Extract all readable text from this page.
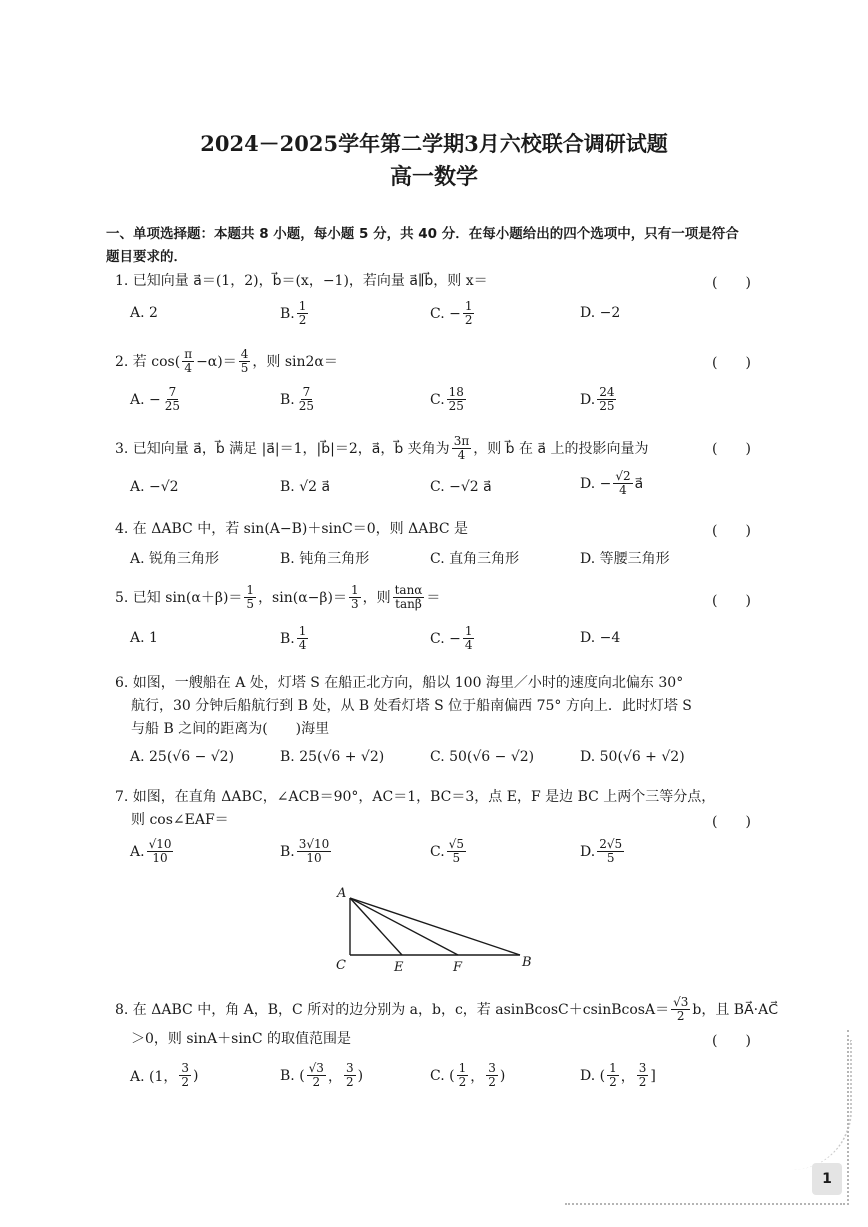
2024－2025学年第二学期3月六校联合调研试题
高一数学
一、单项选择题：本题共 8 小题，每小题 5 分，共 40 分．在每小题给出的四个选项中，只有一项是符合
题目要求的．
1. 已知向量 a⃗＝(1，2)，b⃗＝(x，−1)，若向量 a⃗∥b⃗，则 x＝	(　　)
A. 2	B. $\frac{1}{2}$	C. − $\frac{1}{2}$	D. −2
2. 若 $\cos( \frac{\pi}{4} -\alpha)= \frac{4}{5}$ ，则 sin2α＝	(　　)
A. − $\frac{7}{25}$	B. $\frac{7}{25}$	C. $\frac{18}{25}$	D. $\frac{24}{25}$
3. 已知向量 a⃗，b⃗ 满足 |a⃗|＝1，|b⃗|＝2，a⃗，b⃗ 夹角为 $\frac{3\pi}{4}$ ，则 b⃗ 在 a⃗ 上的投影向量为	(　　)
A. −√2	B. √2 a⃗	C. −√2 a⃗	D. − $\frac{√2}{4}$ a⃗
4. 在 ΔABC 中，若 sin(A−B)＋sinC＝0，则 ΔABC 是	(　　)
A. 锐角三角形	B. 钝角三角形	C. 直角三角形	D. 等腰三角形
5. 已知 $\sin(\alpha+\beta)= \frac{1}{5}$ ，$\sin(\alpha-\beta)= \frac{1}{3}$ ，则 $\frac{\tan\alpha}{\tan\beta}$ ＝	(　　)
A. 1	B. $\frac{1}{4}$	C. − $\frac{1}{4}$	D. −4
6. 如图，一艘船在 A 处，灯塔 S 在船正北方向，船以 100 海里／小时的速度向北偏东 30°
航行，30 分钟后船航行到 B 处，从 B 处看灯塔 S 位于船南偏西 75° 方向上．此时灯塔 S
与船 B 之间的距离为(　　)海里
A. 25(√6 − √2)	B. 25(√6 + √2)	C. 50(√6 − √2)	D. 50(√6 + √2)
7. 如图，在直角 ΔABC，∠ACB＝90°，AC＝1，BC＝3，点 E，F 是边 BC 上两个三等分点，
则 cos∠EAF＝	(　　)
A. $\frac{√10}{10}$	B. $\frac{3√10}{10}$	C. $\frac{√5}{5}$	D. $\frac{2√5}{5}$
A
C	E	F	B
8. 在 ΔABC 中，角 A，B，C 所对的边分别为 a，b，c，若 asinBcosC＋csinBcosA＝ $\frac{√3}{2}$ b，且 BA⃗·AC⃗
＞0，则 sinA＋sinC 的取值范围是	(　　)
A. (1， $\frac{3}{2}$ )	B. ( $\frac{√3}{2}$ ， $\frac{3}{2}$ )	C. ( $\frac{1}{2}$ ， $\frac{3}{2}$ )	D. ( $\frac{1}{2}$ ， $\frac{3}{2}$ ]
1
